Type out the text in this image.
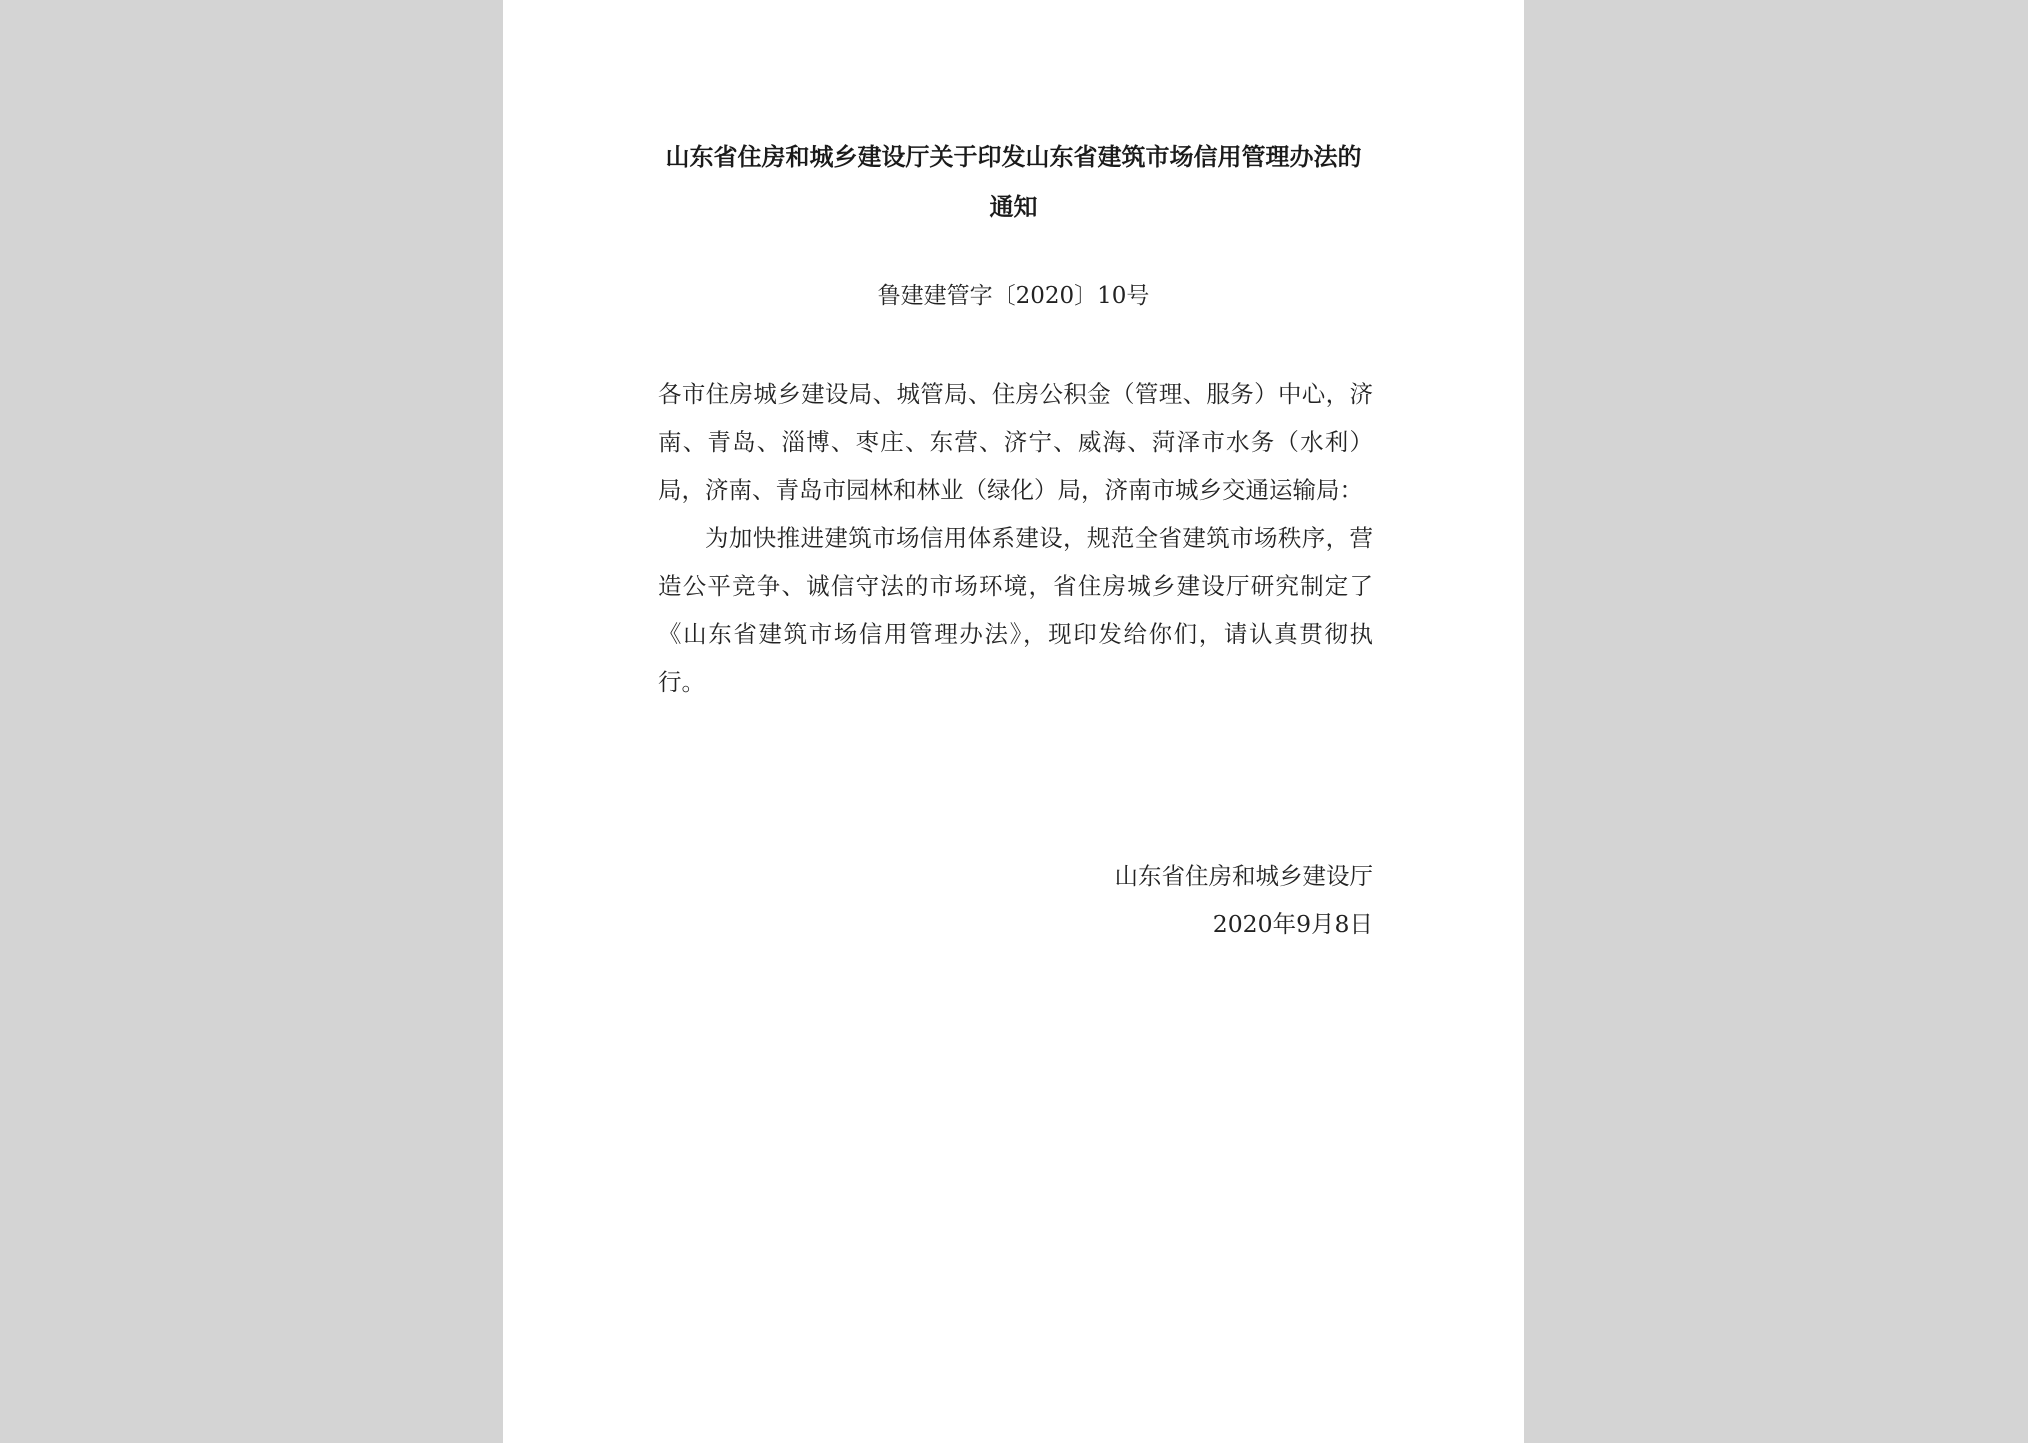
山东省住房和城乡建设厅关于印发山东省建筑市场信用管理办法的通知
鲁建建管字〔2020〕10号

各市住房城乡建设局、城管局、住房公积金（管理、服务）中心，济南、青岛、淄博、枣庄、东营、济宁、威海、菏泽市水务（水利）局，济南、青岛市园林和林业（绿化）局，济南市城乡交通运输局：

为加快推进建筑市场信用体系建设，规范全省建筑市场秩序，营造公平竞争、诚信守法的市场环境，省住房城乡建设厅研究制定了《山东省建筑市场信用管理办法》，现印发给你们，请认真贯彻执行。

山东省住房和城乡建设厅
2020年9月8日
